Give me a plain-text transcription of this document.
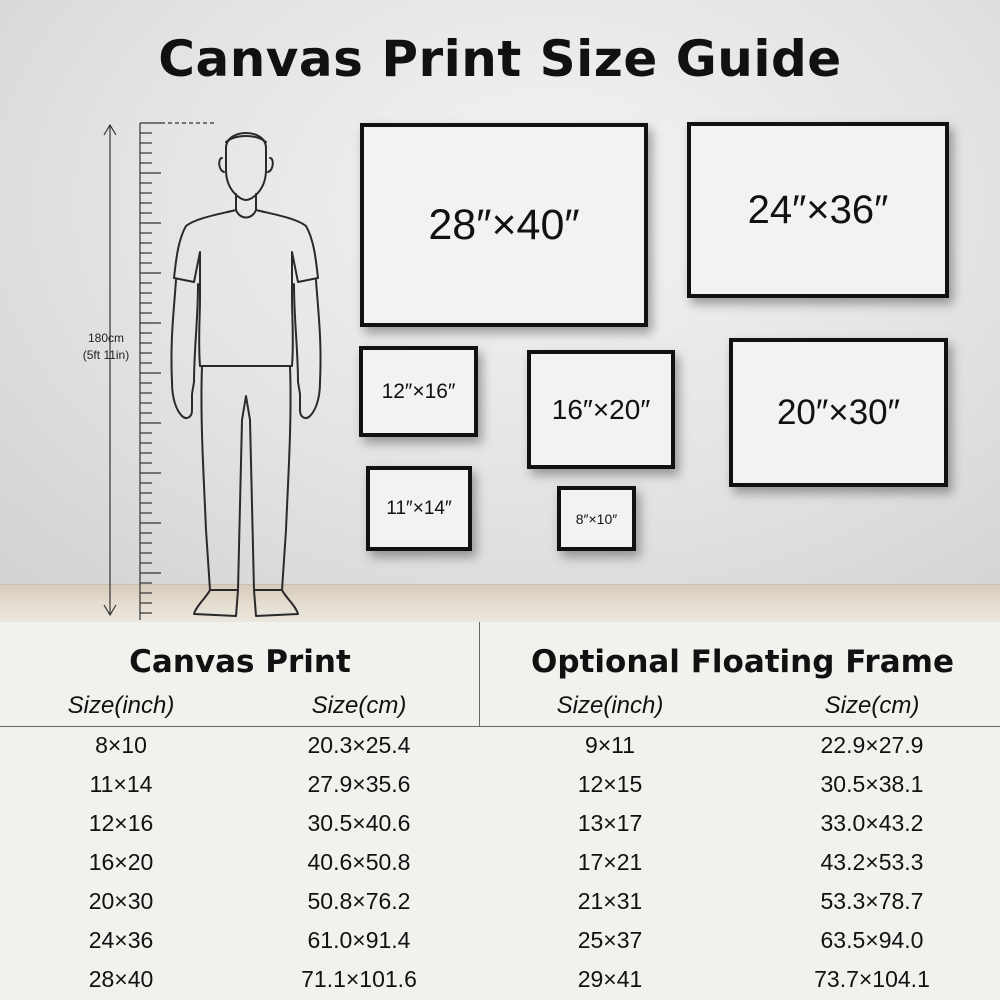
Canvas Print Size Guide
180cm
(5ft 11in)
28″×40″	24″×36″
12″×16″
16″×20″	20″×30″
11″×14″	8″×10″
Canvas Print	Optional Floating Frame
Size(inch)	Size(cm)	Size(inch)	Size(cm)
8×10	20.3×25.4	9×11	22.9×27.9
11×14	27.9×35.6	12×15	30.5×38.1
12×16	30.5×40.6	13×17	33.0×43.2
16×20	40.6×50.8	17×21	43.2×53.3
20×30	50.8×76.2	21×31	53.3×78.7
24×36	61.0×91.4	25×37	63.5×94.0
28×40	71.1×101.6	29×41	73.7×104.1
